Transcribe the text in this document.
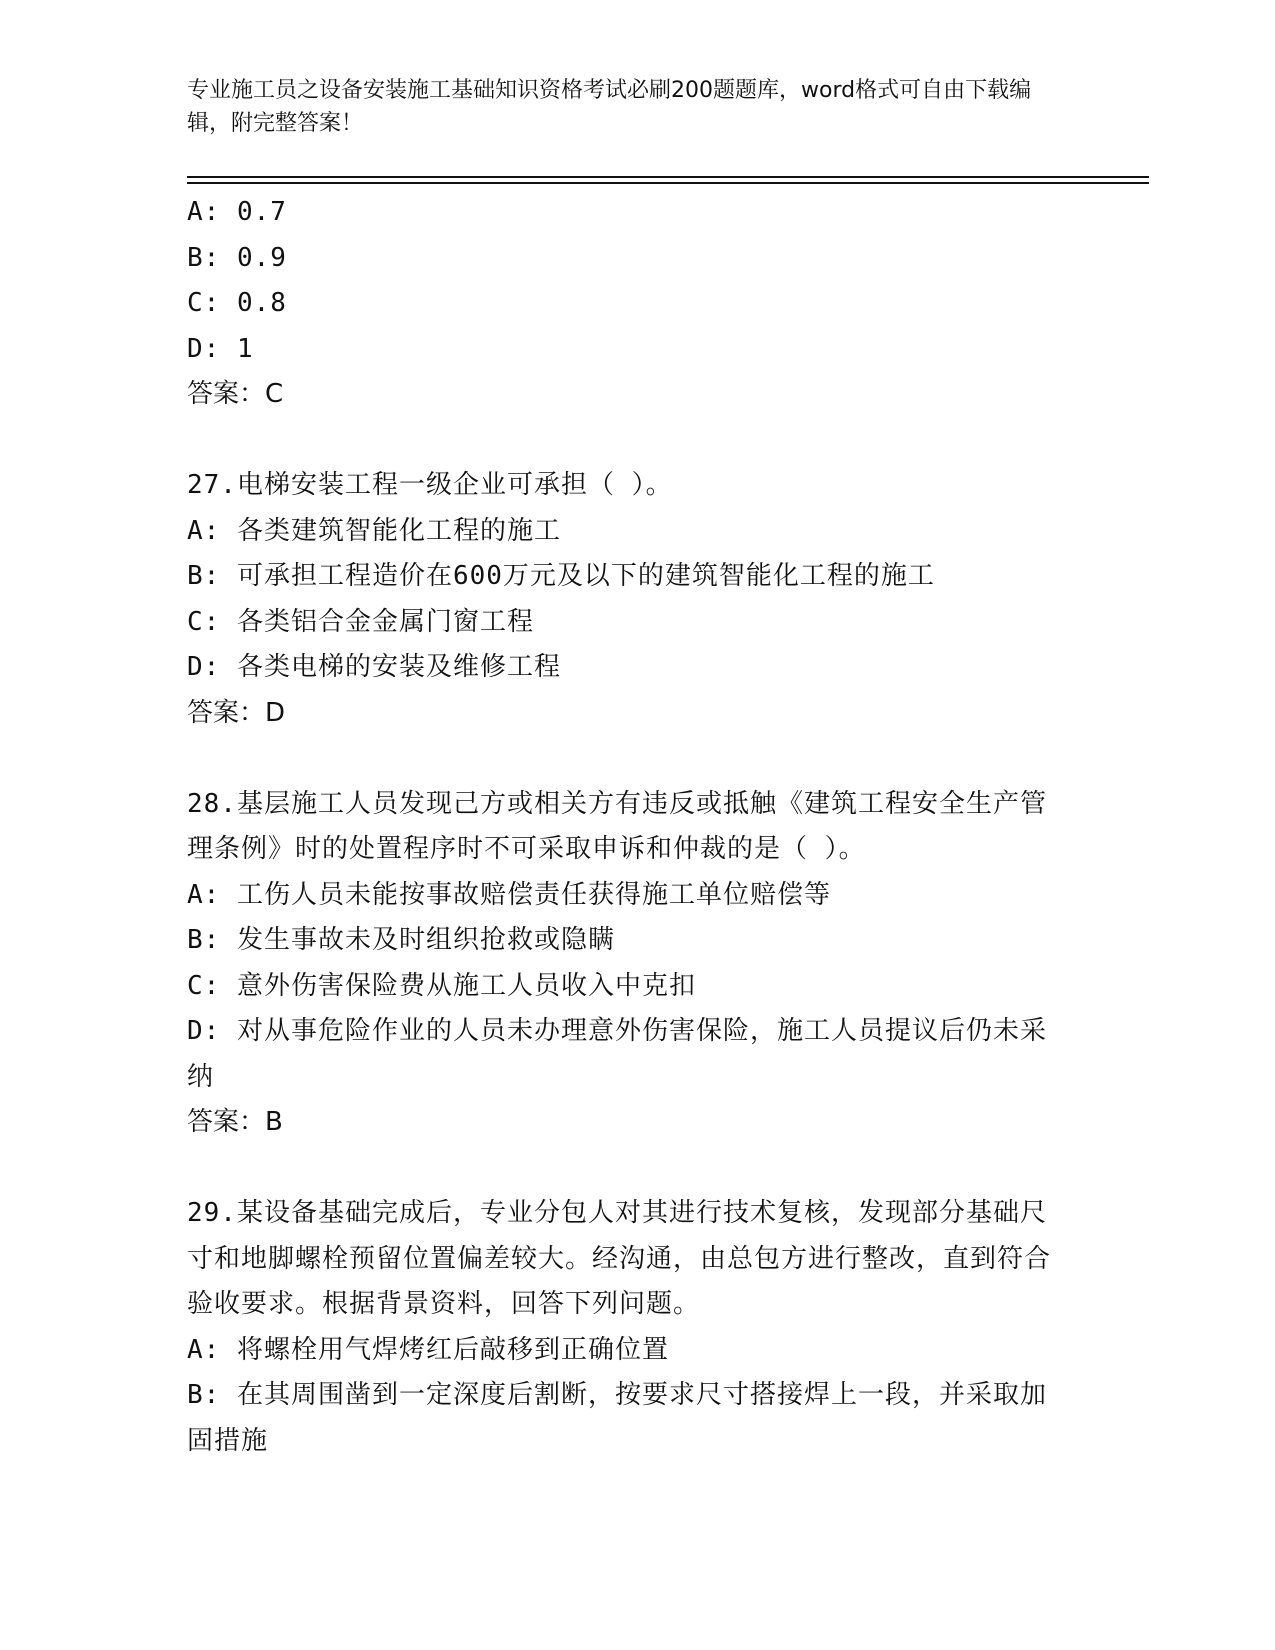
专业施工员之设备安装施工基础知识资格考试必刷200题题库，word格式可自由下载编辑，附完整答案！
A: 0.7
B: 0.9
C: 0.8
D: 1
答案：C
27.电梯安装工程一级企业可承担（ ）。
A: 各类建筑智能化工程的施工
B: 可承担工程造价在600万元及以下的建筑智能化工程的施工
C: 各类铝合金金属门窗工程
D: 各类电梯的安装及维修工程
答案：D
28.基层施工人员发现己方或相关方有违反或抵触《建筑工程安全生产管理条例》时的处置程序时不可采取申诉和仲裁的是（ ）。
A: 工伤人员未能按事故赔偿责任获得施工单位赔偿等
B: 发生事故未及时组织抢救或隐瞒
C: 意外伤害保险费从施工人员收入中克扣
D: 对从事危险作业的人员未办理意外伤害保险，施工人员提议后仍未采纳
答案：B
29.某设备基础完成后，专业分包人对其进行技术复核，发现部分基础尺寸和地脚螺栓预留位置偏差较大。经沟通，由总包方进行整改，直到符合验收要求。根据背景资料，回答下列问题。
A: 将螺栓用气焊烤红后敲移到正确位置
B: 在其周围凿到一定深度后割断，按要求尺寸搭接焊上一段，并采取加固措施
